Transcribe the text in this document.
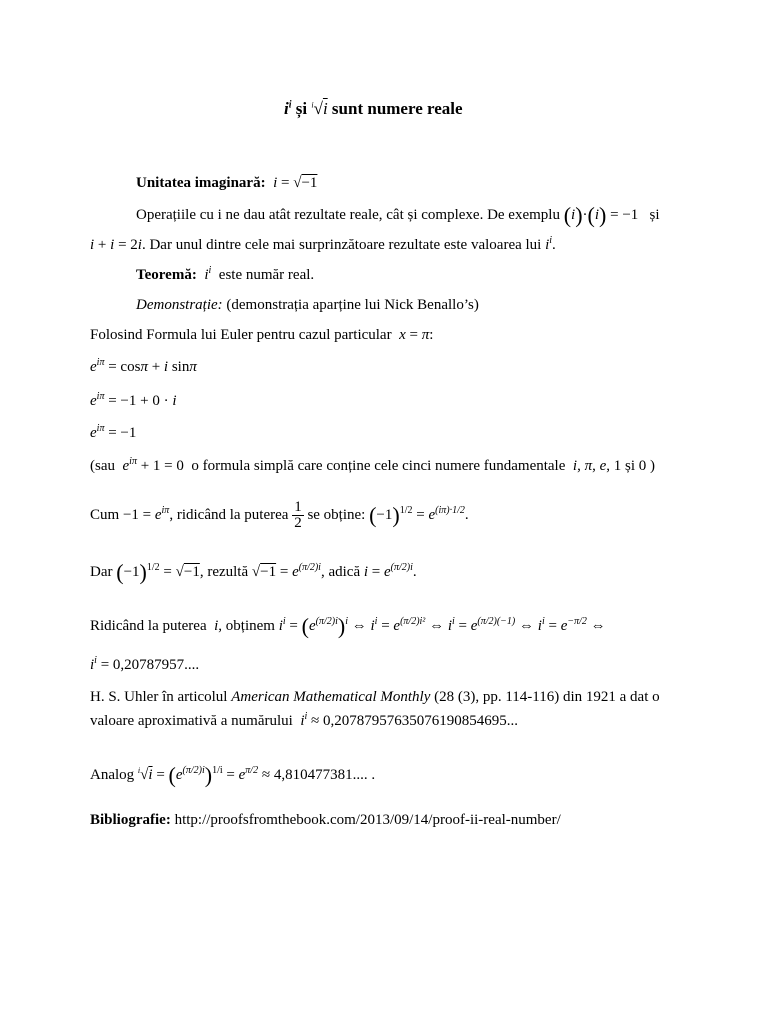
$i^i$ și $^i$√i sunt numere reale
Unitatea imaginară:  i = √−1
Operațiile cu i ne dau atât rezultate reale, cât și complexe. De exemplu (i)·(i) = −1   și
i + i = 2i. Dar unul dintre cele mai surprinzătoare rezultate este valoarea lui $i^i$.
Teoremă:  $i^i$ este număr real.
Demonstrație: (demonstrația aparține lui Nick Benallo’s)
Folosind Formula lui Euler pentru cazul particular  x = π:
$e^{i\pi} = \cos\pi + i$ sinπ
$e^{i\pi} = -1 + 0 \cdot i$
$e^{i\pi} = -1$
(sau  $e^{i\pi} + 1 = 0$  o formula simplă care conține cele cinci numere fundamentale  i, π, e, 1 și 0 )
Cum $-1 = e^{i\pi}$, ridicând la puterea $\frac{1}{2}$ se obține: $(-1)^{1/2} = e^{(i\pi)\cdot 1/2}$.
Dar $(-1)^{1/2} = √-1$, rezultă $√-1 = e^{(\pi/2)i}$, adică $i = e^{(\pi/2)i}$.
Ridicând la puterea  i, obținem $i^i = (e^{(\pi/2)i})^i$ ⇔ $i^i = e^{(\pi/2)i^2}$ ⇔ $i^i = e^{(\pi/2)(-1)}$ ⇔ $i^i = e^{-\pi/2}$ ⇔
$i^i = 0,20787957$....
H. S. Uhler în articolul American Mathematical Monthly (28 (3), pp. 114-116) din 1921 a dat o
valoare aproximativă a numărului  $i^i \approx 0,20787957635076190854695$...
Analog $^i√i = (e^{(\pi/2)i})^{1/i} = e^{\pi/2} \approx 4,810477381$.... .
Bibliografie: http://proofsfromthebook.com/2013/09/14/proof-ii-real-number/
